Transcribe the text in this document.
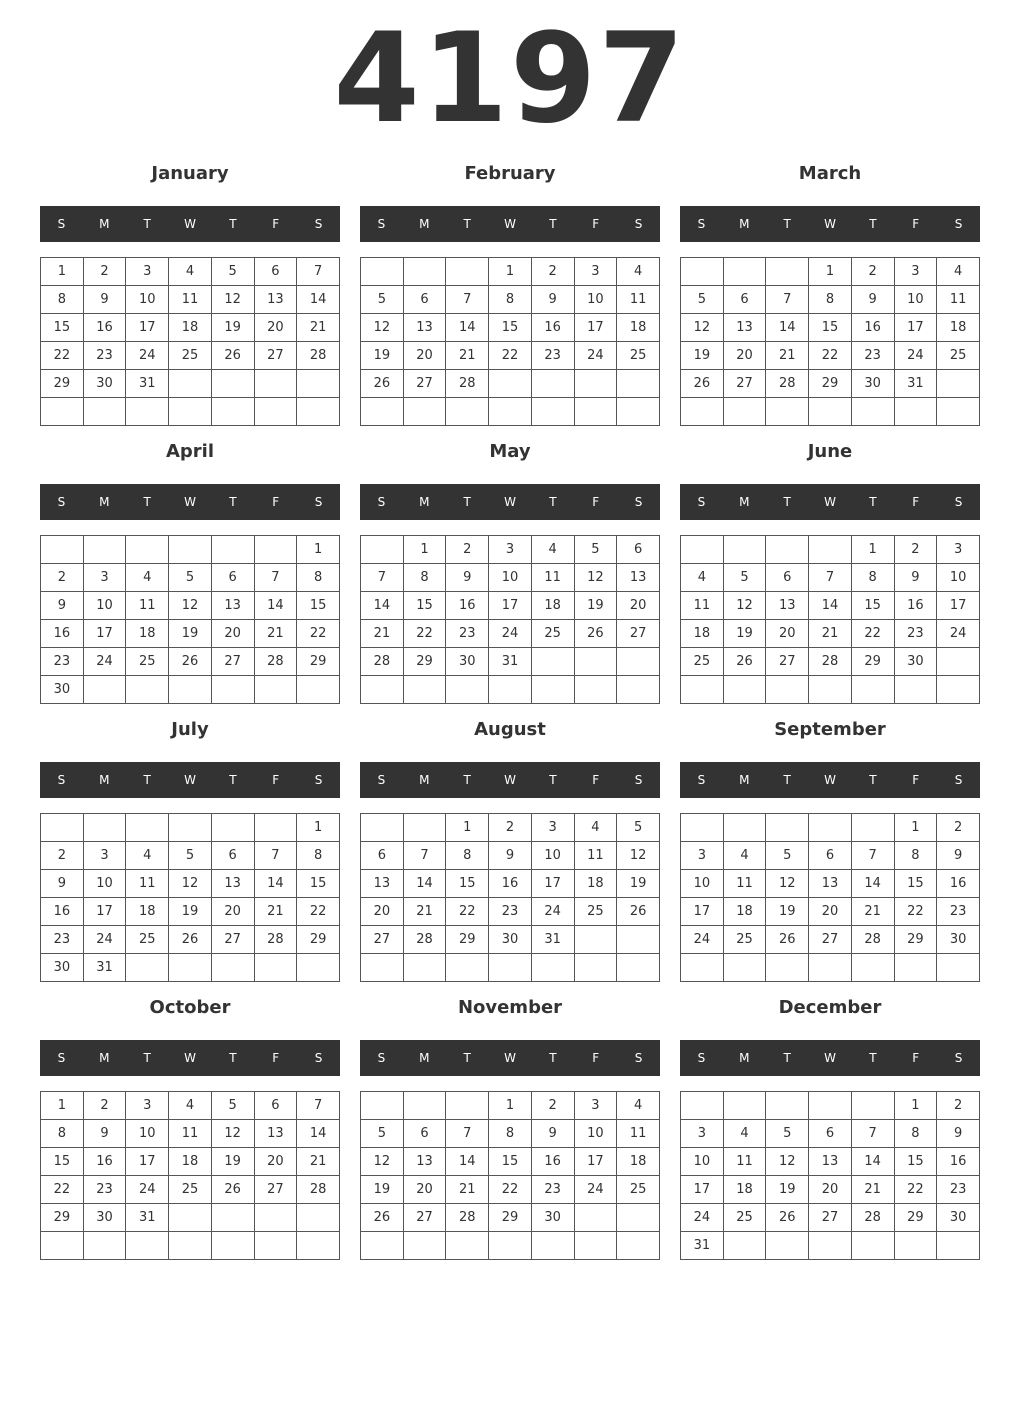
4197
January
S	M	T	W	T	F	S
1	2	3	4	5	6	7
8	9	10	11	12	13	14
15	16	17	18	19	20	21
22	23	24	25	26	27	28
29	30	31				

February
S	M	T	W	T	F	S
			1	2	3	4
5	6	7	8	9	10	11
12	13	14	15	16	17	18
19	20	21	22	23	24	25
26	27	28				

March
S	M	T	W	T	F	S
			1	2	3	4
5	6	7	8	9	10	11
12	13	14	15	16	17	18
19	20	21	22	23	24	25
26	27	28	29	30	31	

April
S	M	T	W	T	F	S
						1
2	3	4	5	6	7	8
9	10	11	12	13	14	15
16	17	18	19	20	21	22
23	24	25	26	27	28	29
30						
May
S	M	T	W	T	F	S
	1	2	3	4	5	6
7	8	9	10	11	12	13
14	15	16	17	18	19	20
21	22	23	24	25	26	27
28	29	30	31			

June
S	M	T	W	T	F	S
				1	2	3
4	5	6	7	8	9	10
11	12	13	14	15	16	17
18	19	20	21	22	23	24
25	26	27	28	29	30	

July
S	M	T	W	T	F	S
						1
2	3	4	5	6	7	8
9	10	11	12	13	14	15
16	17	18	19	20	21	22
23	24	25	26	27	28	29
30	31					
August
S	M	T	W	T	F	S
		1	2	3	4	5
6	7	8	9	10	11	12
13	14	15	16	17	18	19
20	21	22	23	24	25	26
27	28	29	30	31		

September
S	M	T	W	T	F	S
					1	2
3	4	5	6	7	8	9
10	11	12	13	14	15	16
17	18	19	20	21	22	23
24	25	26	27	28	29	30

October
S	M	T	W	T	F	S
1	2	3	4	5	6	7
8	9	10	11	12	13	14
15	16	17	18	19	20	21
22	23	24	25	26	27	28
29	30	31				

November
S	M	T	W	T	F	S
			1	2	3	4
5	6	7	8	9	10	11
12	13	14	15	16	17	18
19	20	21	22	23	24	25
26	27	28	29	30		

December
S	M	T	W	T	F	S
					1	2
3	4	5	6	7	8	9
10	11	12	13	14	15	16
17	18	19	20	21	22	23
24	25	26	27	28	29	30
31						
